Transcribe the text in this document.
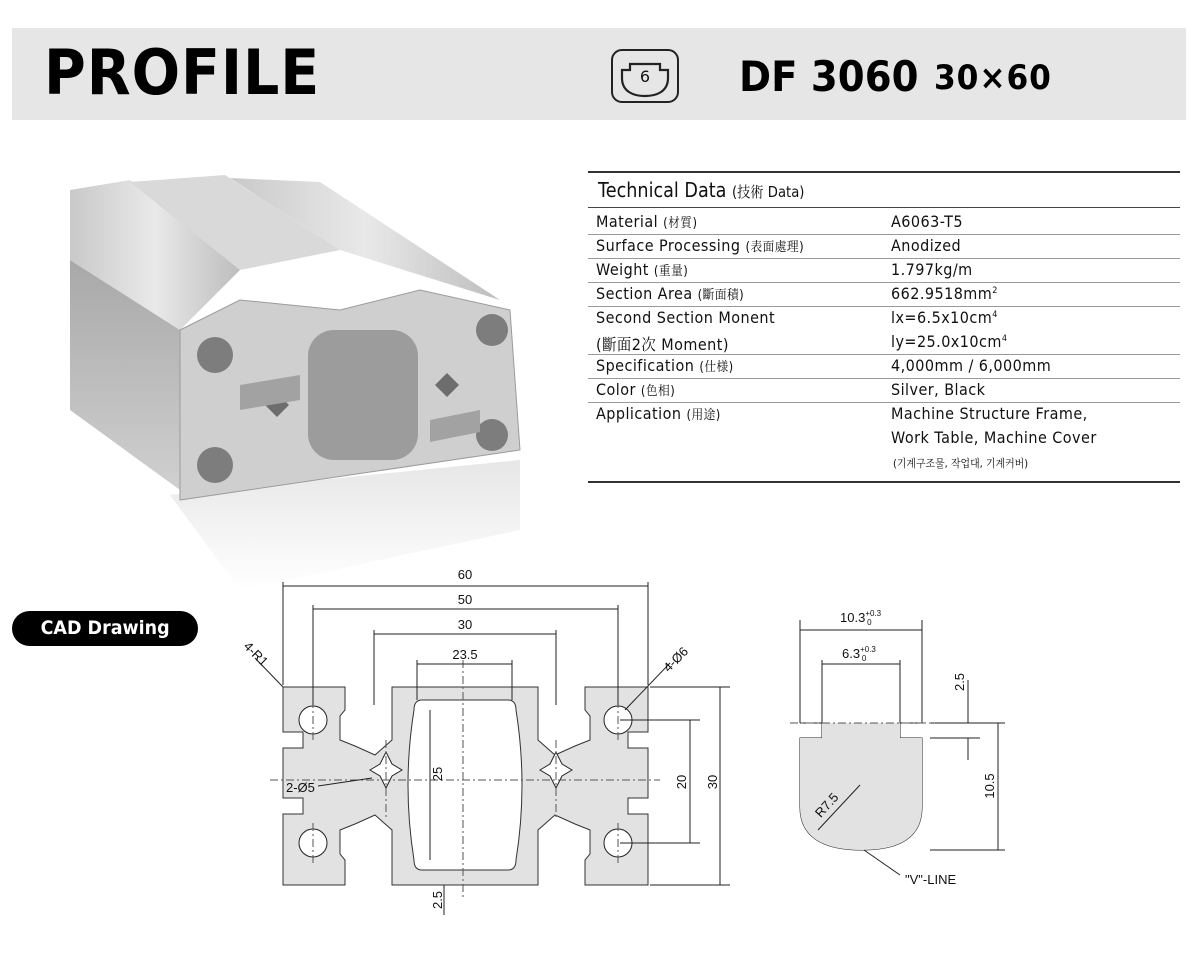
PROFILE	6 DF 3060 30×60
Technical Data (技術 Data)
Material (材質)	A6063-T5
Surface Processing (表面處理)	Anodized
Weight (重量)	1.797kg/m
Section Area (斷面積)	$662.9518mm^2$
Second Section Monent	$lx=6.5x10cm^4$
(斷面2次 Moment)	$ly=25.0x10cm^4$
Specification (仕様)	4,000mm / 6,000mm
Color (色相)	Silver, Black
Application (用途)	Machine Structure Frame,
Work Table, Machine Cover
(기계구조물, 작업대, 기계커버)
CAD Drawing
60
50
30
23.5
4-R1	4-Ø6
2-Ø5
25
20 30
2.5
$10.3^{+0.3}$ 0
$6.3^{+0.3}$ 0
2.5
10.5
R7.5
"V"-LINE
